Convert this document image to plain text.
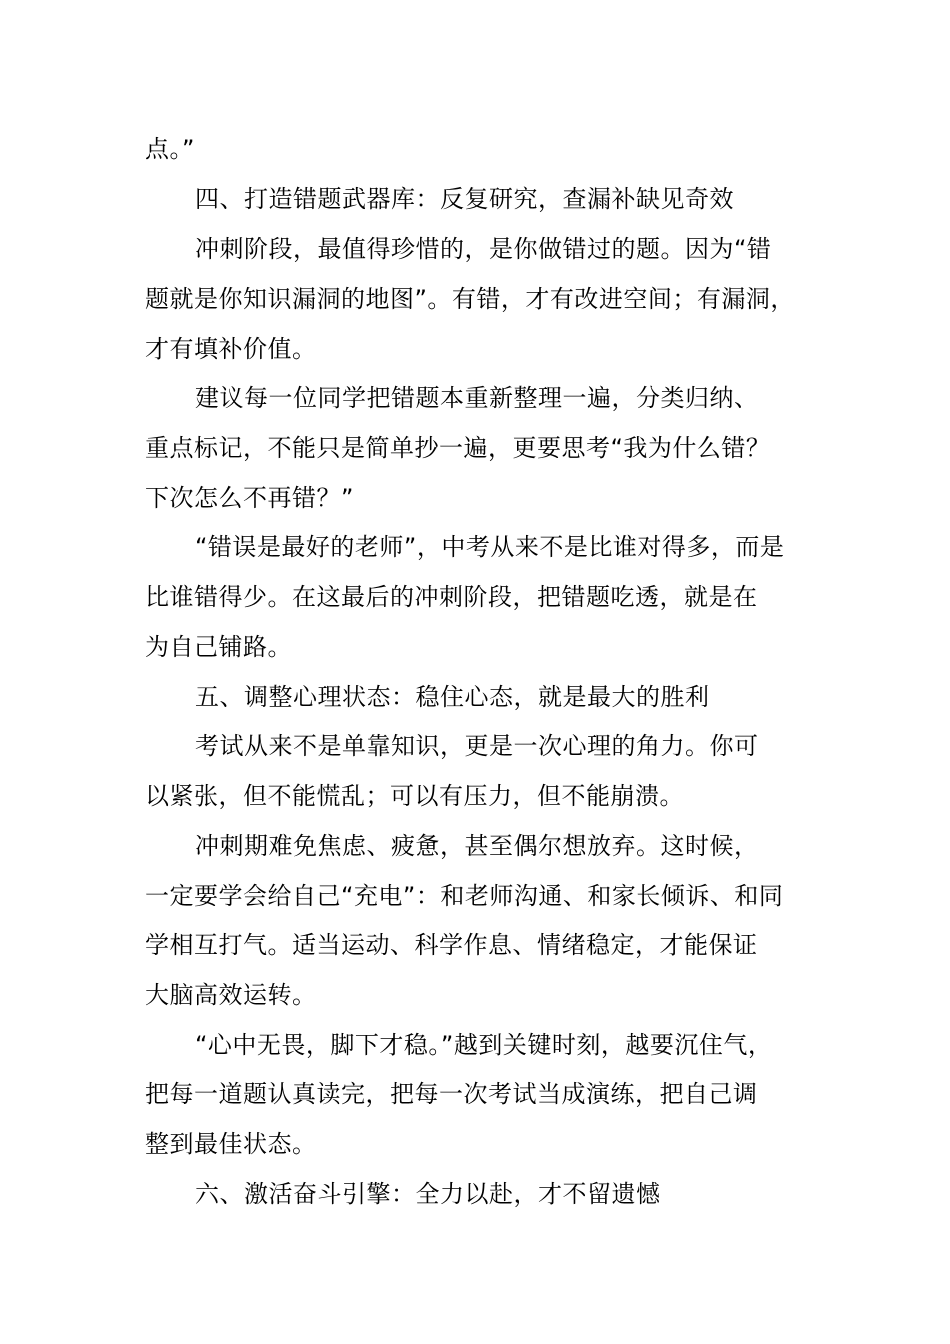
点。”
四、打造错题武器库：反复研究，查漏补缺见奇效
冲刺阶段，最值得珍惜的，是你做错过的题。因为“错
题就是你知识漏洞的地图”。有错，才有改进空间；有漏洞，
才有填补价值。
建议每一位同学把错题本重新整理一遍，分类归纳、
重点标记，不能只是简单抄一遍，更要思考“我为什么错？
下次怎么不再错？”
“错误是最好的老师”，中考从来不是比谁对得多，而是
比谁错得少。在这最后的冲刺阶段，把错题吃透，就是在
为自己铺路。
五、调整心理状态：稳住心态，就是最大的胜利
考试从来不是单靠知识，更是一次心理的角力。你可
以紧张，但不能慌乱；可以有压力，但不能崩溃。
冲刺期难免焦虑、疲惫，甚至偶尔想放弃。这时候，
一定要学会给自己“充电”：和老师沟通、和家长倾诉、和同
学相互打气。适当运动、科学作息、情绪稳定，才能保证
大脑高效运转。
“心中无畏，脚下才稳。”越到关键时刻，越要沉住气，
把每一道题认真读完，把每一次考试当成演练，把自己调
整到最佳状态。
六、激活奋斗引擎：全力以赴，才不留遗憾
